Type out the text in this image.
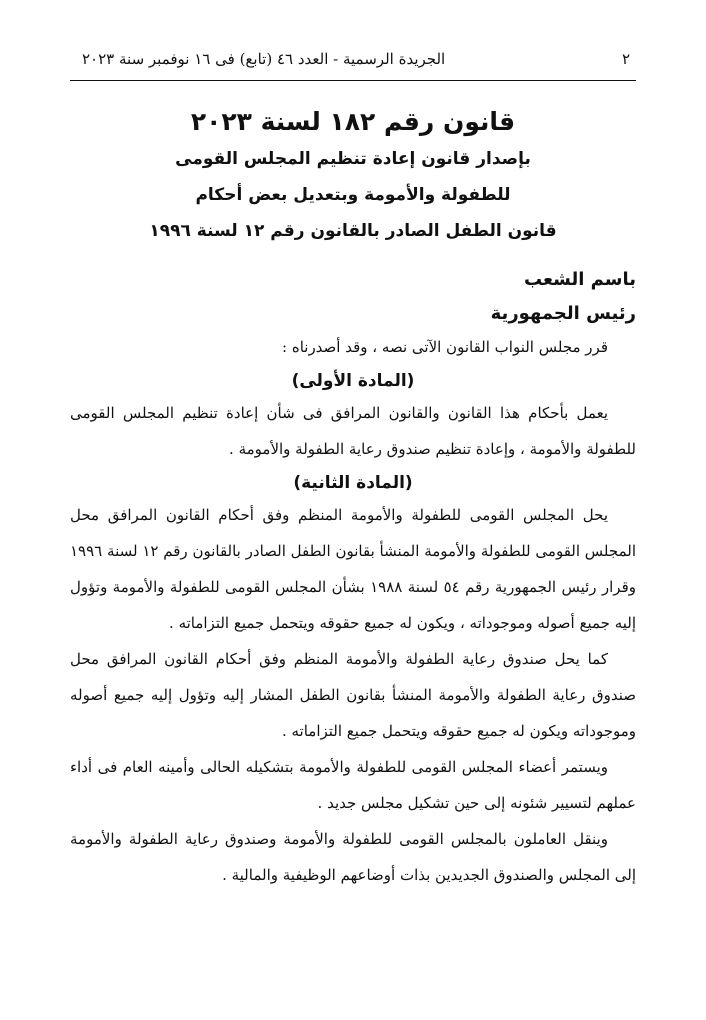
٢
الجريدة الرسمية - العدد ٤٦ (تابع) فى ١٦ نوفمبر سنة ٢٠٢٣

قانون رقم ١٨٢ لسنة ٢٠٢٣

بإصدار قانون إعادة تنظيم المجلس القومى

للطفولة والأمومة وبتعديل بعض أحكام

قانون الطفل الصادر بالقانون رقم ١٢ لسنة ١٩٩٦

باسم الشعب

رئيس الجمهورية

قرر مجلس النواب القانون الآتى نصه ، وقد أصدرناه :

(المادة الأولى)

يعمل بأحكام هذا القانون والقانون المرافق فى شأن إعادة تنظيم المجلس القومى للطفولة والأمومة ، وإعادة تنظيم صندوق رعاية الطفولة والأمومة .

(المادة الثانية)

يحل المجلس القومى للطفولة والأمومة المنظم وفق أحكام القانون المرافق محل المجلس القومى للطفولة والأمومة المنشأ بقانون الطفل الصادر بالقانون رقم ١٢ لسنة ١٩٩٦ وقرار رئيس الجمهورية رقم ٥٤ لسنة ١٩٨٨ بشأن المجلس القومى للطفولة والأمومة وتؤول إليه جميع أصوله وموجوداته ، ويكون له جميع حقوقه ويتحمل جميع التزاماته .

كما يحل صندوق رعاية الطفولة والأمومة المنظم وفق أحكام القانون المرافق محل صندوق رعاية الطفولة والأمومة المنشأ بقانون الطفل المشار إليه وتؤول إليه جميع أصوله وموجوداته ويكون له جميع حقوقه ويتحمل جميع التزاماته .

ويستمر أعضاء المجلس القومى للطفولة والأمومة بتشكيله الحالى وأمينه العام فى أداء عملهم لتسيير شئونه إلى حين تشكيل مجلس جديد .

وينقل العاملون بالمجلس القومى للطفولة والأمومة وصندوق رعاية الطفولة والأمومة إلى المجلس والصندوق الجديدين بذات أوضاعهم الوظيفية والمالية .
